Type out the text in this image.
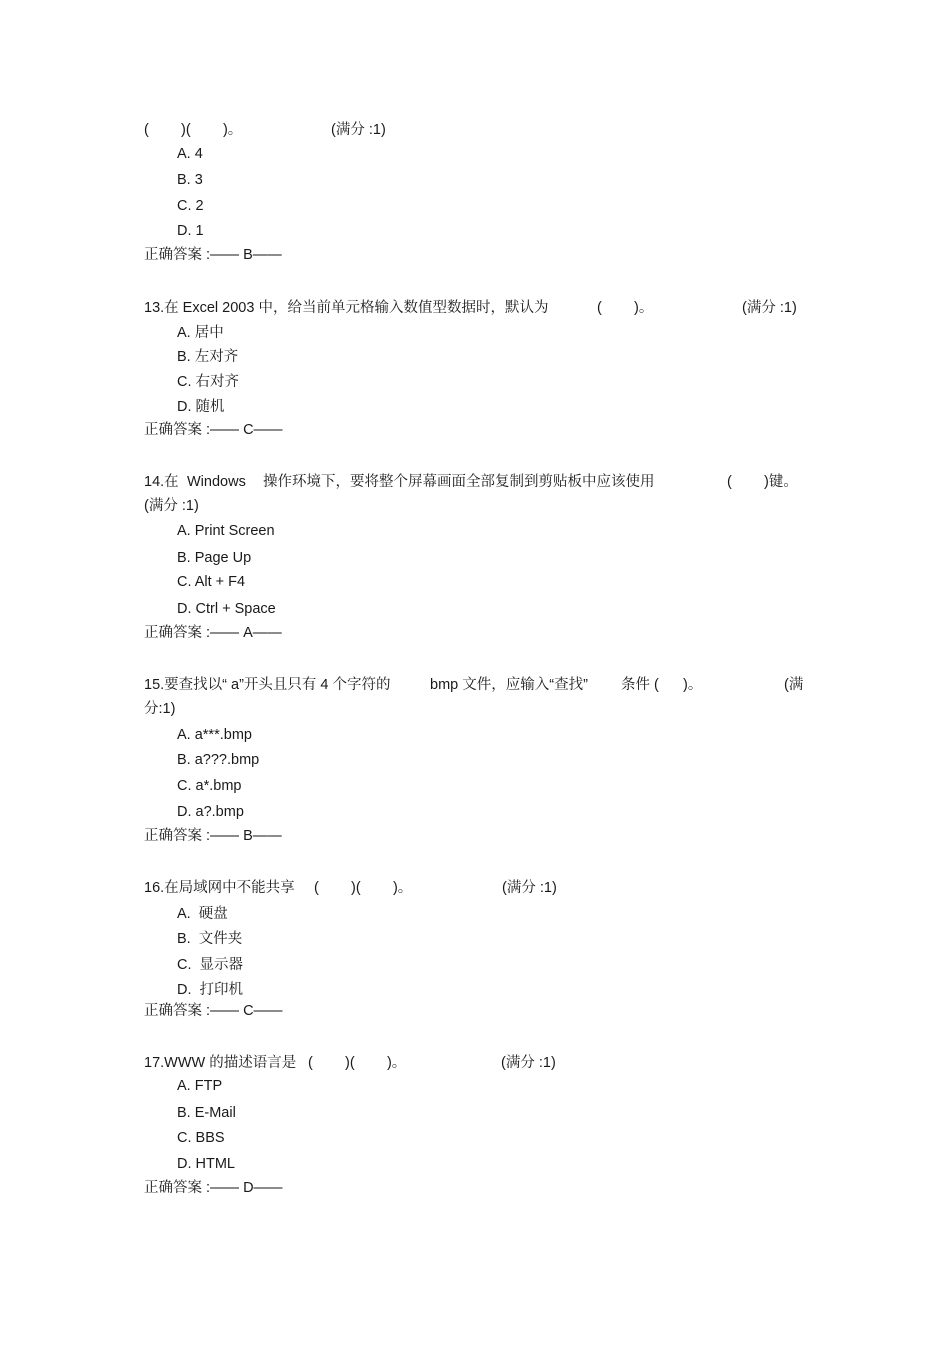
(        )(        )。	(满分 :1)
A. 4
B. 3
C. 2
D. 1
正确答案 :—— B——
13.在 Excel 2003 中，给当前单元格输入数值型数据时，默认为	(        )。	(满分 :1)
A. 居中
B. 左对齐
C. 右对齐
D. 随机
正确答案 :—— C——
14.在 Windows 操作环境下，要将整个屏幕画面全部复制到剪贴板中应该使用	(        )键。
(满分 :1)
A. Print Screen
B. Page Up
C. Alt + F4
D. Ctrl + Space
正确答案 :—— A——
15.要查找以“ a”开头且只有 4 个字符的	bmp 文件，应输入“查找” 条件 (      )。	(满
分:1)
A. a***.bmp
B. a???.bmp
C. a*.bmp
D. a?.bmp
正确答案 :—— B——
16.在局域网中不能共享 (        )(        )。	(满分 :1)
A.  硬盘
B.  文件夹
C.  显示器
D.  打印机
正确答案 :—— C——
17.WWW 的描述语言是 (        )(        )。	(满分 :1)
A. FTP
B. E-Mail
C. BBS
D. HTML
正确答案 :—— D——
